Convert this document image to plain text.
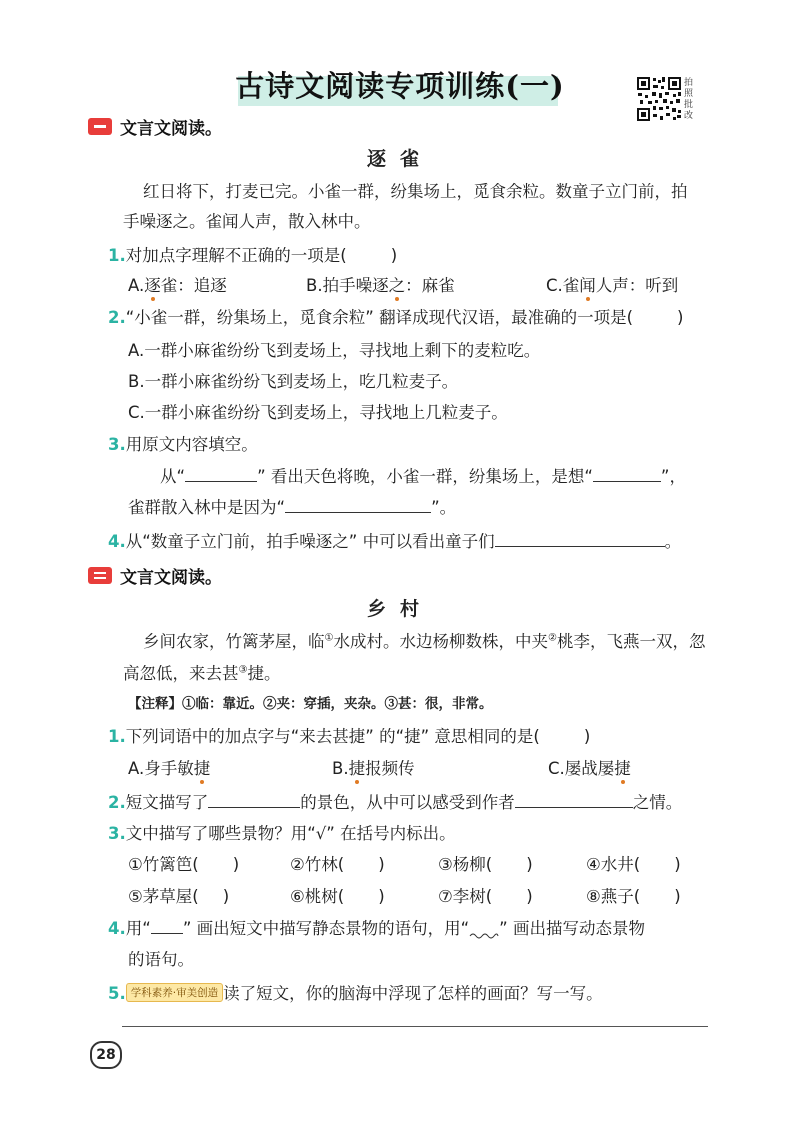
古诗文阅读专项训练(一)	拍
照
批
改
文言文阅读。
逐雀
红日将下，打麦已完。小雀一群，纷集场上，觅食余粒。数童子立门前，拍
手噪逐之。雀闻人声，散入林中。
1.对加点字理解不正确的一项是(	)
A.逐雀：追逐	B.拍手噪逐之：麻雀	C.雀闻人声：听到
2.“小雀一群，纷集场上，觅食余粒” 翻译成现代汉语，最准确的一项是(	)
A.一群小麻雀纷纷飞到麦场上，寻找地上剩下的麦粒吃。
B.一群小麻雀纷纷飞到麦场上，吃几粒麦子。
C.一群小麻雀纷纷飞到麦场上，寻找地上几粒麦子。
3.用原文内容填空。
从“	” 看出天色将晚，小雀一群，纷集场上，是想“	”，
雀群散入林中是因为“	”。
4.从“数童子立门前，拍手噪逐之” 中可以看出童子们	。
文言文阅读。
乡村
乡间农家，竹篱茅屋，临①水成村。水边杨柳数株，中夹②桃李，飞燕一双，忽
高忽低，来去甚③捷。
【注释】①临：靠近。②夹：穿插，夹杂。③甚：很，非常。
1.下列词语中的加点字与“来去甚捷” 的“捷” 意思相同的是(	)
A.身手敏捷	B.捷报频传	C.屡战屡捷
2.短文描写了	的景色，从中可以感受到作者	之情。
3.文中描写了哪些景物？用“√” 在括号内标出。
①竹篱笆( )	②竹林( )	③杨柳( )	④水井( )
⑤茅草屋( )	⑥桃树( )	⑦李树( )	⑧燕子( )
4.用“ ” 画出短文中描写静态景物的语句，用“ ” 画出描写动态景物
的语句。
5. 学科素养·审美创造 读了短文，你的脑海中浮现了怎样的画面？写一写。
28
